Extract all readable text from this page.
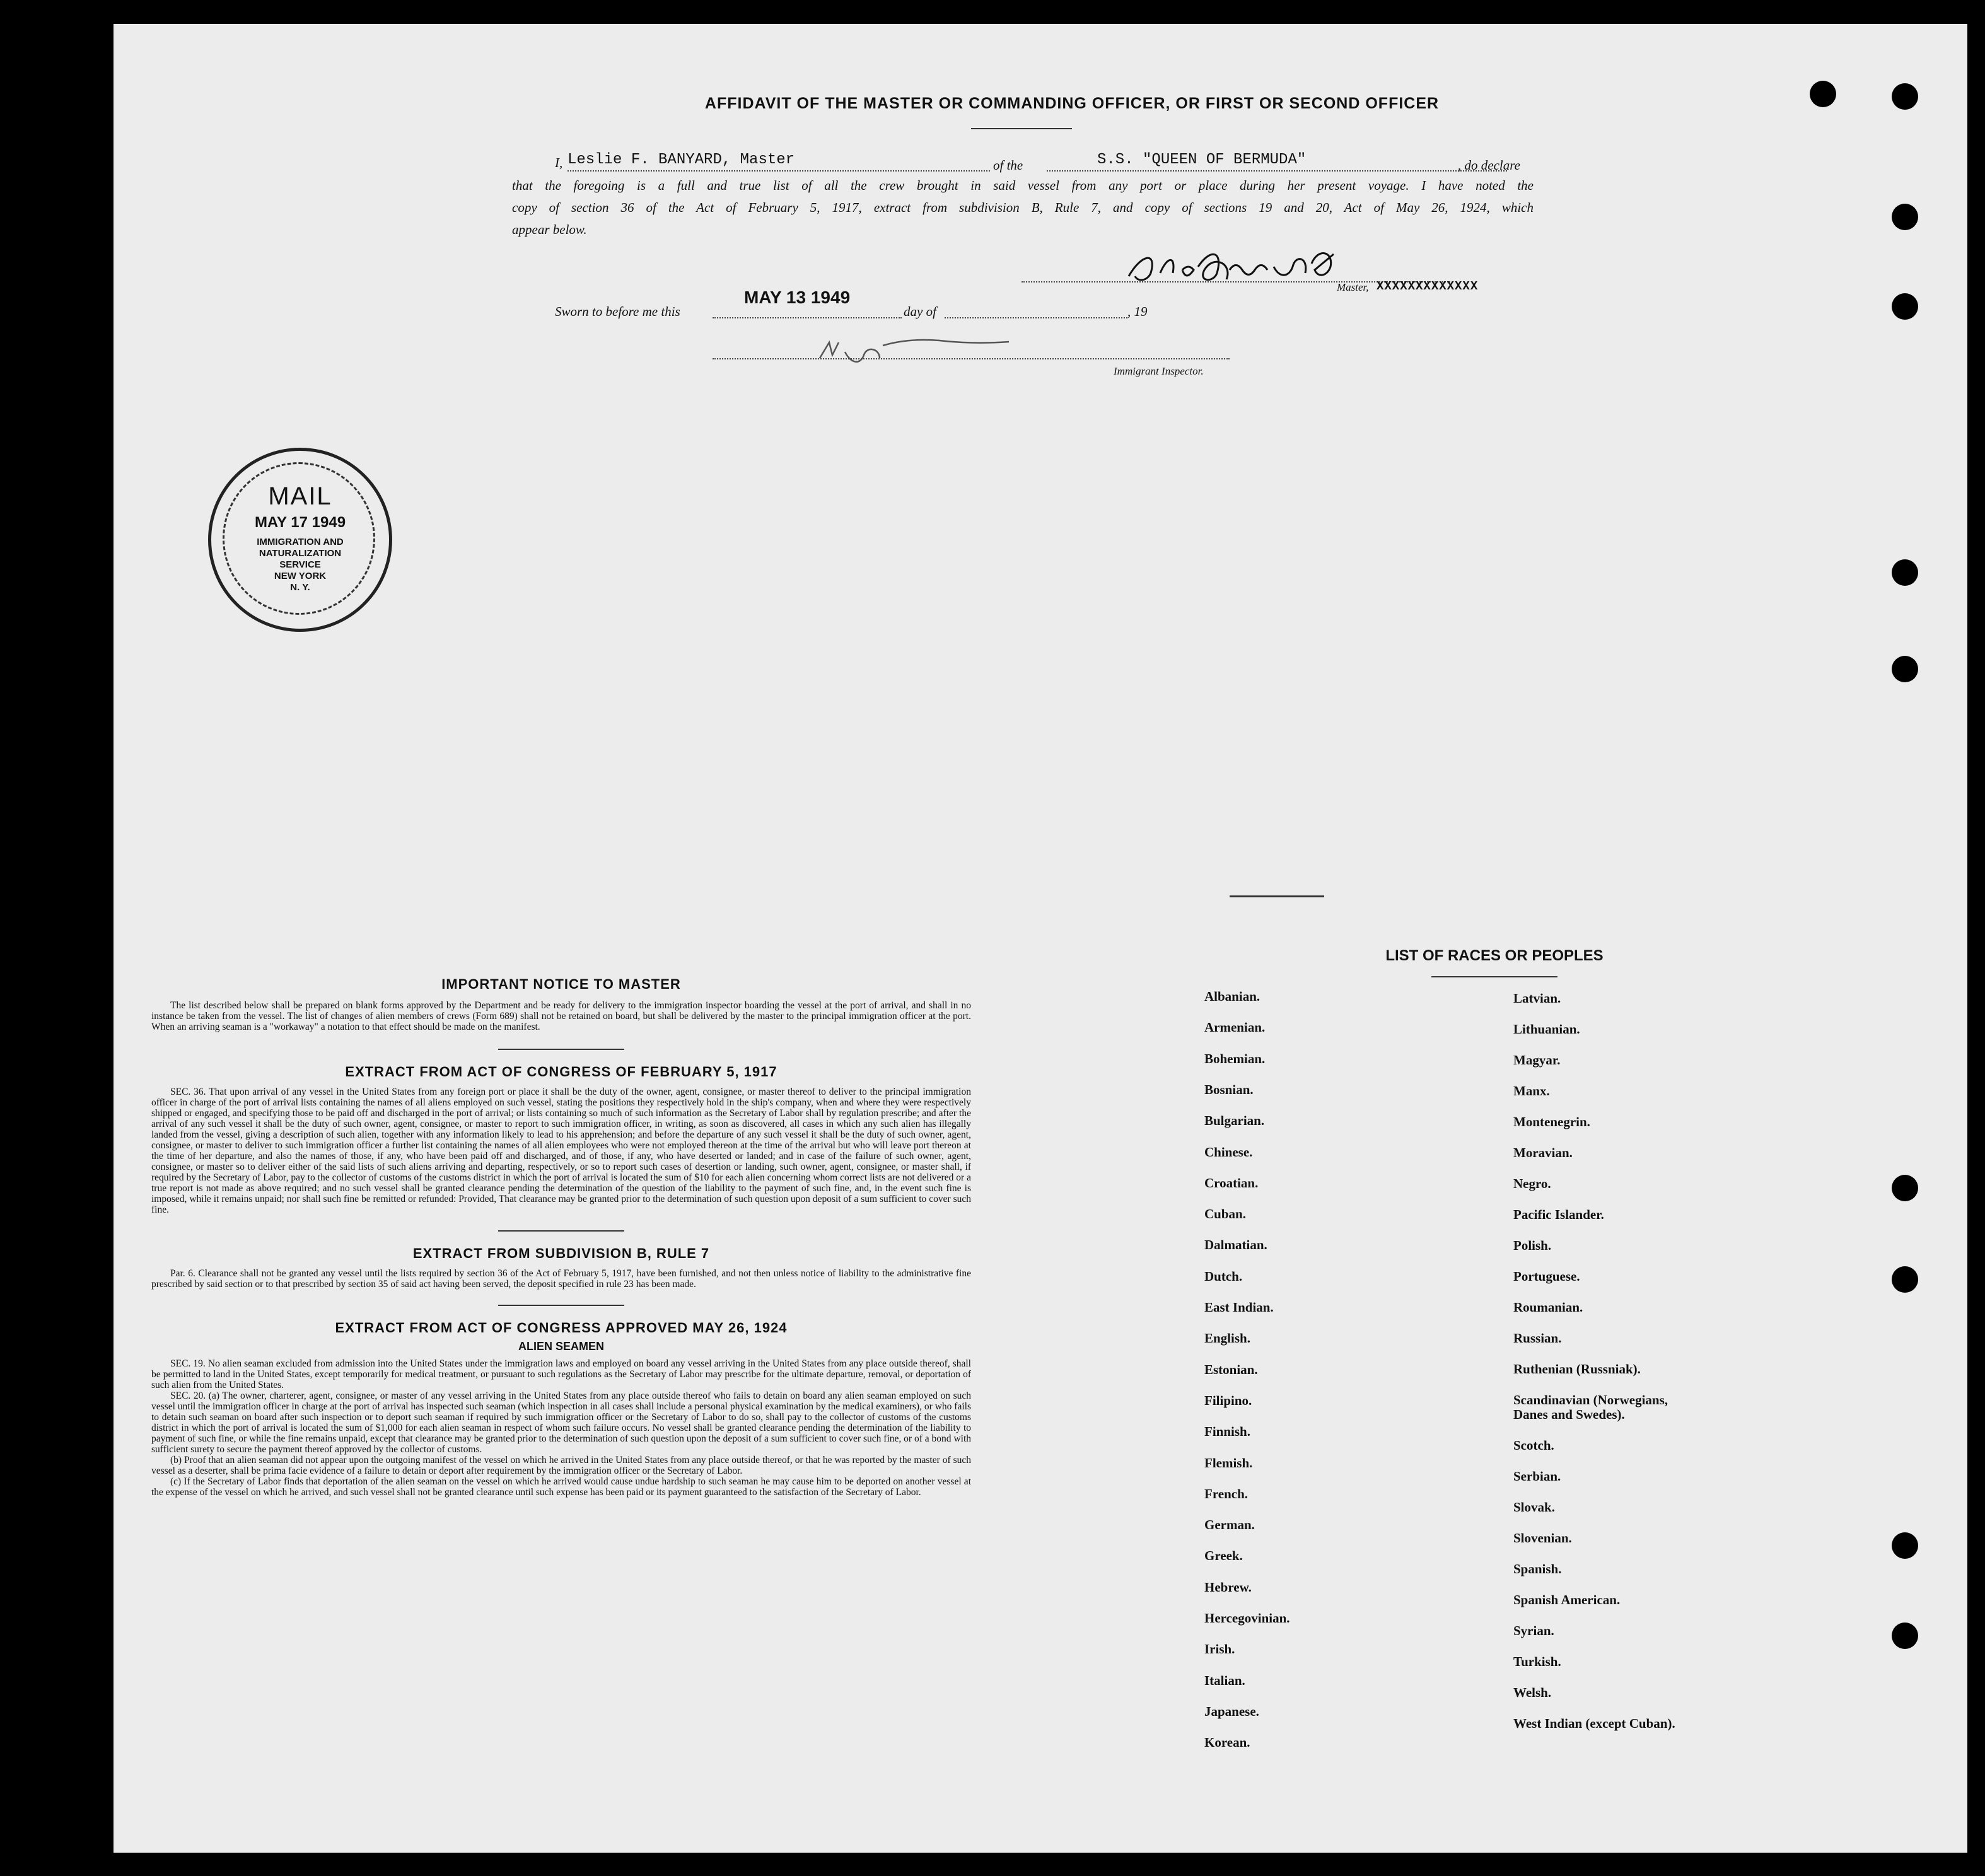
AFFIDAVIT OF THE MASTER OR COMMANDING OFFICER, OR FIRST OR SECOND OFFICER
I, Leslie F. BANYARD, Master	of the	S.S. "QUEEN OF BERMUDA"	, do declare
that the foregoing is a full and true list of all the crew brought in said vessel from any port or place during her present voyage. I have noted the
copy of section 36 of the Act of February 5, 1917, extract from subdivision B, Rule 7, and copy of sections 19 and 20, Act of May 26, 1924, which
appear below.
Master, XXXXXXXXXXXXX
Sworn to before me this
MAY 13 1949
day of	, 19
Immigrant Inspector.
MAIL
MAY 17 1949
IMMIGRATION AND
NATURALIZATION
SERVICE
NEW YORK
N. Y.
IMPORTANT NOTICE TO MASTER

The list described below shall be prepared on blank forms approved by the Department and be ready for delivery to the immigration inspector boarding the vessel at the port of arrival, and shall in no instance be taken from the vessel. The list of changes of alien members of crews (Form 689) shall not be retained on board, but shall be delivered by the master to the principal immigration officer at the port. When an arriving seaman is a "workaway" a notation to that effect should be made on the manifest.

EXTRACT FROM ACT OF CONGRESS OF FEBRUARY 5, 1917

SEC. 36. That upon arrival of any vessel in the United States from any foreign port or place it shall be the duty of the owner, agent, consignee, or master thereof to deliver to the principal immigration officer in charge of the port of arrival lists containing the names of all aliens employed on such vessel, stating the positions they respectively hold in the ship's company, when and where they were respectively shipped or engaged, and specifying those to be paid off and discharged in the port of arrival; or lists containing so much of such information as the Secretary of Labor shall by regulation prescribe; and after the arrival of any such vessel it shall be the duty of such owner, agent, consignee, or master to report to such immigration officer, in writing, as soon as discovered, all cases in which any such alien has illegally landed from the vessel, giving a description of such alien, together with any information likely to lead to his apprehension; and before the departure of any such vessel it shall be the duty of such owner, agent, consignee, or master to deliver to such immigration officer a further list containing the names of all alien employees who were not employed thereon at the time of the arrival but who will leave port thereon at the time of her departure, and also the names of those, if any, who have been paid off and discharged, and of those, if any, who have deserted or landed; and in case of the failure of such owner, agent, consignee, or master so to deliver either of the said lists of such aliens arriving and departing, respectively, or so to report such cases of desertion or landing, such owner, agent, consignee, or master shall, if required by the Secretary of Labor, pay to the collector of customs of the customs district in which the port of arrival is located the sum of $10 for each alien concerning whom correct lists are not delivered or a true report is not made as above required; and no such vessel shall be granted clearance pending the determination of the question of the liability to the payment of such fine, and, in the event such fine is imposed, while it remains unpaid; nor shall such fine be remitted or refunded: Provided, That clearance may be granted prior to the determination of such question upon deposit of a sum sufficient to cover such fine.

EXTRACT FROM SUBDIVISION B, RULE 7

Par. 6. Clearance shall not be granted any vessel until the lists required by section 36 of the Act of February 5, 1917, have been furnished, and not then unless notice of liability to the administrative fine prescribed by said section or to that prescribed by section 35 of said act having been served, the deposit specified in rule 23 has been made.

EXTRACT FROM ACT OF CONGRESS APPROVED MAY 26, 1924
ALIEN SEAMEN

SEC. 19. No alien seaman excluded from admission into the United States under the immigration laws and employed on board any vessel arriving in the United States from any place outside thereof, shall be permitted to land in the United States, except temporarily for medical treatment, or pursuant to such regulations as the Secretary of Labor may prescribe for the ultimate departure, removal, or deportation of such alien from the United States.

SEC. 20. (a) The owner, charterer, agent, consignee, or master of any vessel arriving in the United States from any place outside thereof who fails to detain on board any alien seaman employed on such vessel until the immigration officer in charge at the port of arrival has inspected such seaman (which inspection in all cases shall include a personal physical examination by the medical examiners), or who fails to detain such seaman on board after such inspection or to deport such seaman if required by such immigration officer or the Secretary of Labor to do so, shall pay to the collector of customs of the customs district in which the port of arrival is located the sum of $1,000 for each alien seaman in respect of whom such failure occurs. No vessel shall be granted clearance pending the determination of the liability to payment of such fine, or while the fine remains unpaid, except that clearance may be granted prior to the determination of such question upon the deposit of a sum sufficient to cover such fine, or of a bond with sufficient surety to secure the payment thereof approved by the collector of customs.

(b) Proof that an alien seaman did not appear upon the outgoing manifest of the vessel on which he arrived in the United States from any place outside thereof, or that he was reported by the master of such vessel as a deserter, shall be prima facie evidence of a failure to detain or deport after requirement by the immigration officer or the Secretary of Labor.

(c) If the Secretary of Labor finds that deportation of the alien seaman on the vessel on which he arrived would cause undue hardship to such seaman he may cause him to be deported on another vessel at the expense of the vessel on which he arrived, and such vessel shall not be granted clearance until such expense has been paid or its payment guaranteed to the satisfaction of the Secretary of Labor.

LIST OF RACES OR PEOPLES
Albanian.
Armenian.
Bohemian.
Bosnian.
Bulgarian.
Chinese.
Croatian.
Cuban.
Dalmatian.
Dutch.
East Indian.
English.
Estonian.
Filipino.
Finnish.
Flemish.
French.
German.
Greek.
Hebrew.
Hercegovinian.
Irish.
Italian.
Japanese.
Korean.
Latvian.
Lithuanian.
Magyar.
Manx.
Montenegrin.
Moravian.
Negro.
Pacific Islander.
Polish.
Portuguese.
Roumanian.
Russian.
Ruthenian (Russniak).
Scandinavian (Norwegians, Danes and Swedes).
Scotch.
Serbian.
Slovak.
Slovenian.
Spanish.
Spanish American.
Syrian.
Turkish.
Welsh.
West Indian (except Cuban).
